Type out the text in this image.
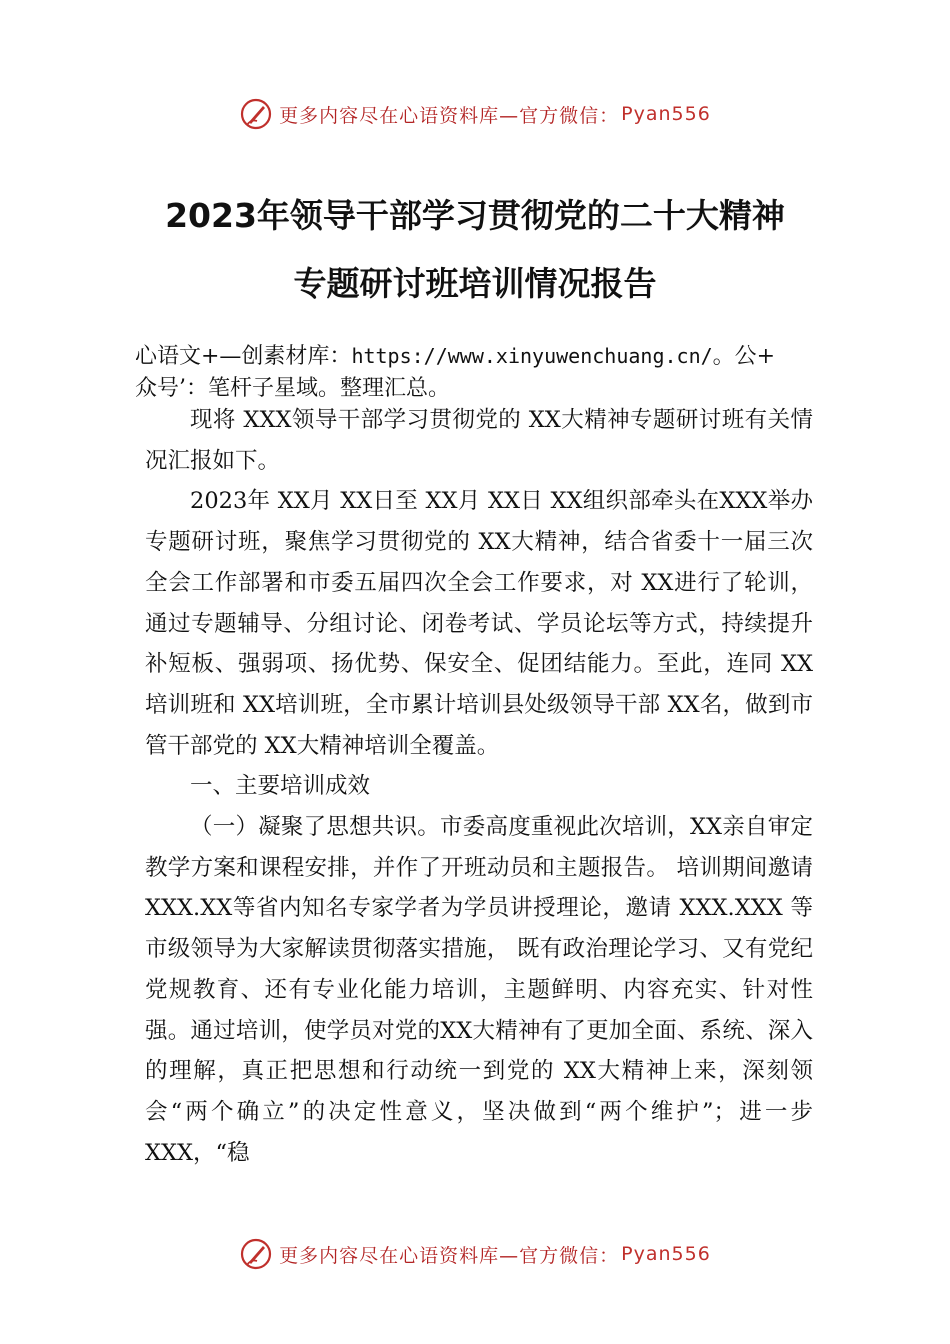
更多内容尽在心语资料库—官方微信： Pyan556
2023年领导干部学习贯彻党的二十大精神
专题研讨班培训情况报告
心语文+—创素材库：https://www.xinyuwenchuang.cn/。公+
众号’：笔杆子星域。整理汇总。

现将 XXX领导干部学习贯彻党的 XX大精神专题研讨班有关情况汇报如下。

2023年 XX月 XX日至 XX月 XX日 XX组织部牵头在XXX举办专题研讨班，聚焦学习贯彻党的 XX大精神，结合省委十一届三次全会工作部署和市委五届四次全会工作要求，对 XX进行了轮训，通过专题辅导、分组讨论、闭卷考试、学员论坛等方式，持续提升补短板、强弱项、扬优势、保安全、促团结能力。至此，连同 XX培训班和 XX培训班，全市累计培训县处级领导干部 XX名，做到市管干部党的 XX大精神培训全覆盖。

一、主要培训成效

（一）凝聚了思想共识。市委高度重视此次培训，XX亲自审定教学方案和课程安排，并作了开班动员和主题报告。 培训期间邀请 XXX.XX等省内知名专家学者为学员讲授理论，邀请 XXX.XXX 等市级领导为大家解读贯彻落实措施， 既有政治理论学习、又有党纪党规教育、还有专业化能力培训，主题鲜明、内容充实、针对性强。通过培训，使学员对党的XX大精神有了更加全面、系统、深入的理解，真正把思想和行动统一到党的 XX大精神上来，深刻领会“两个确立”的决定性意义，坚决做到“两个维护”；进一步 XXX，“稳

更多内容尽在心语资料库—官方微信： Pyan556
